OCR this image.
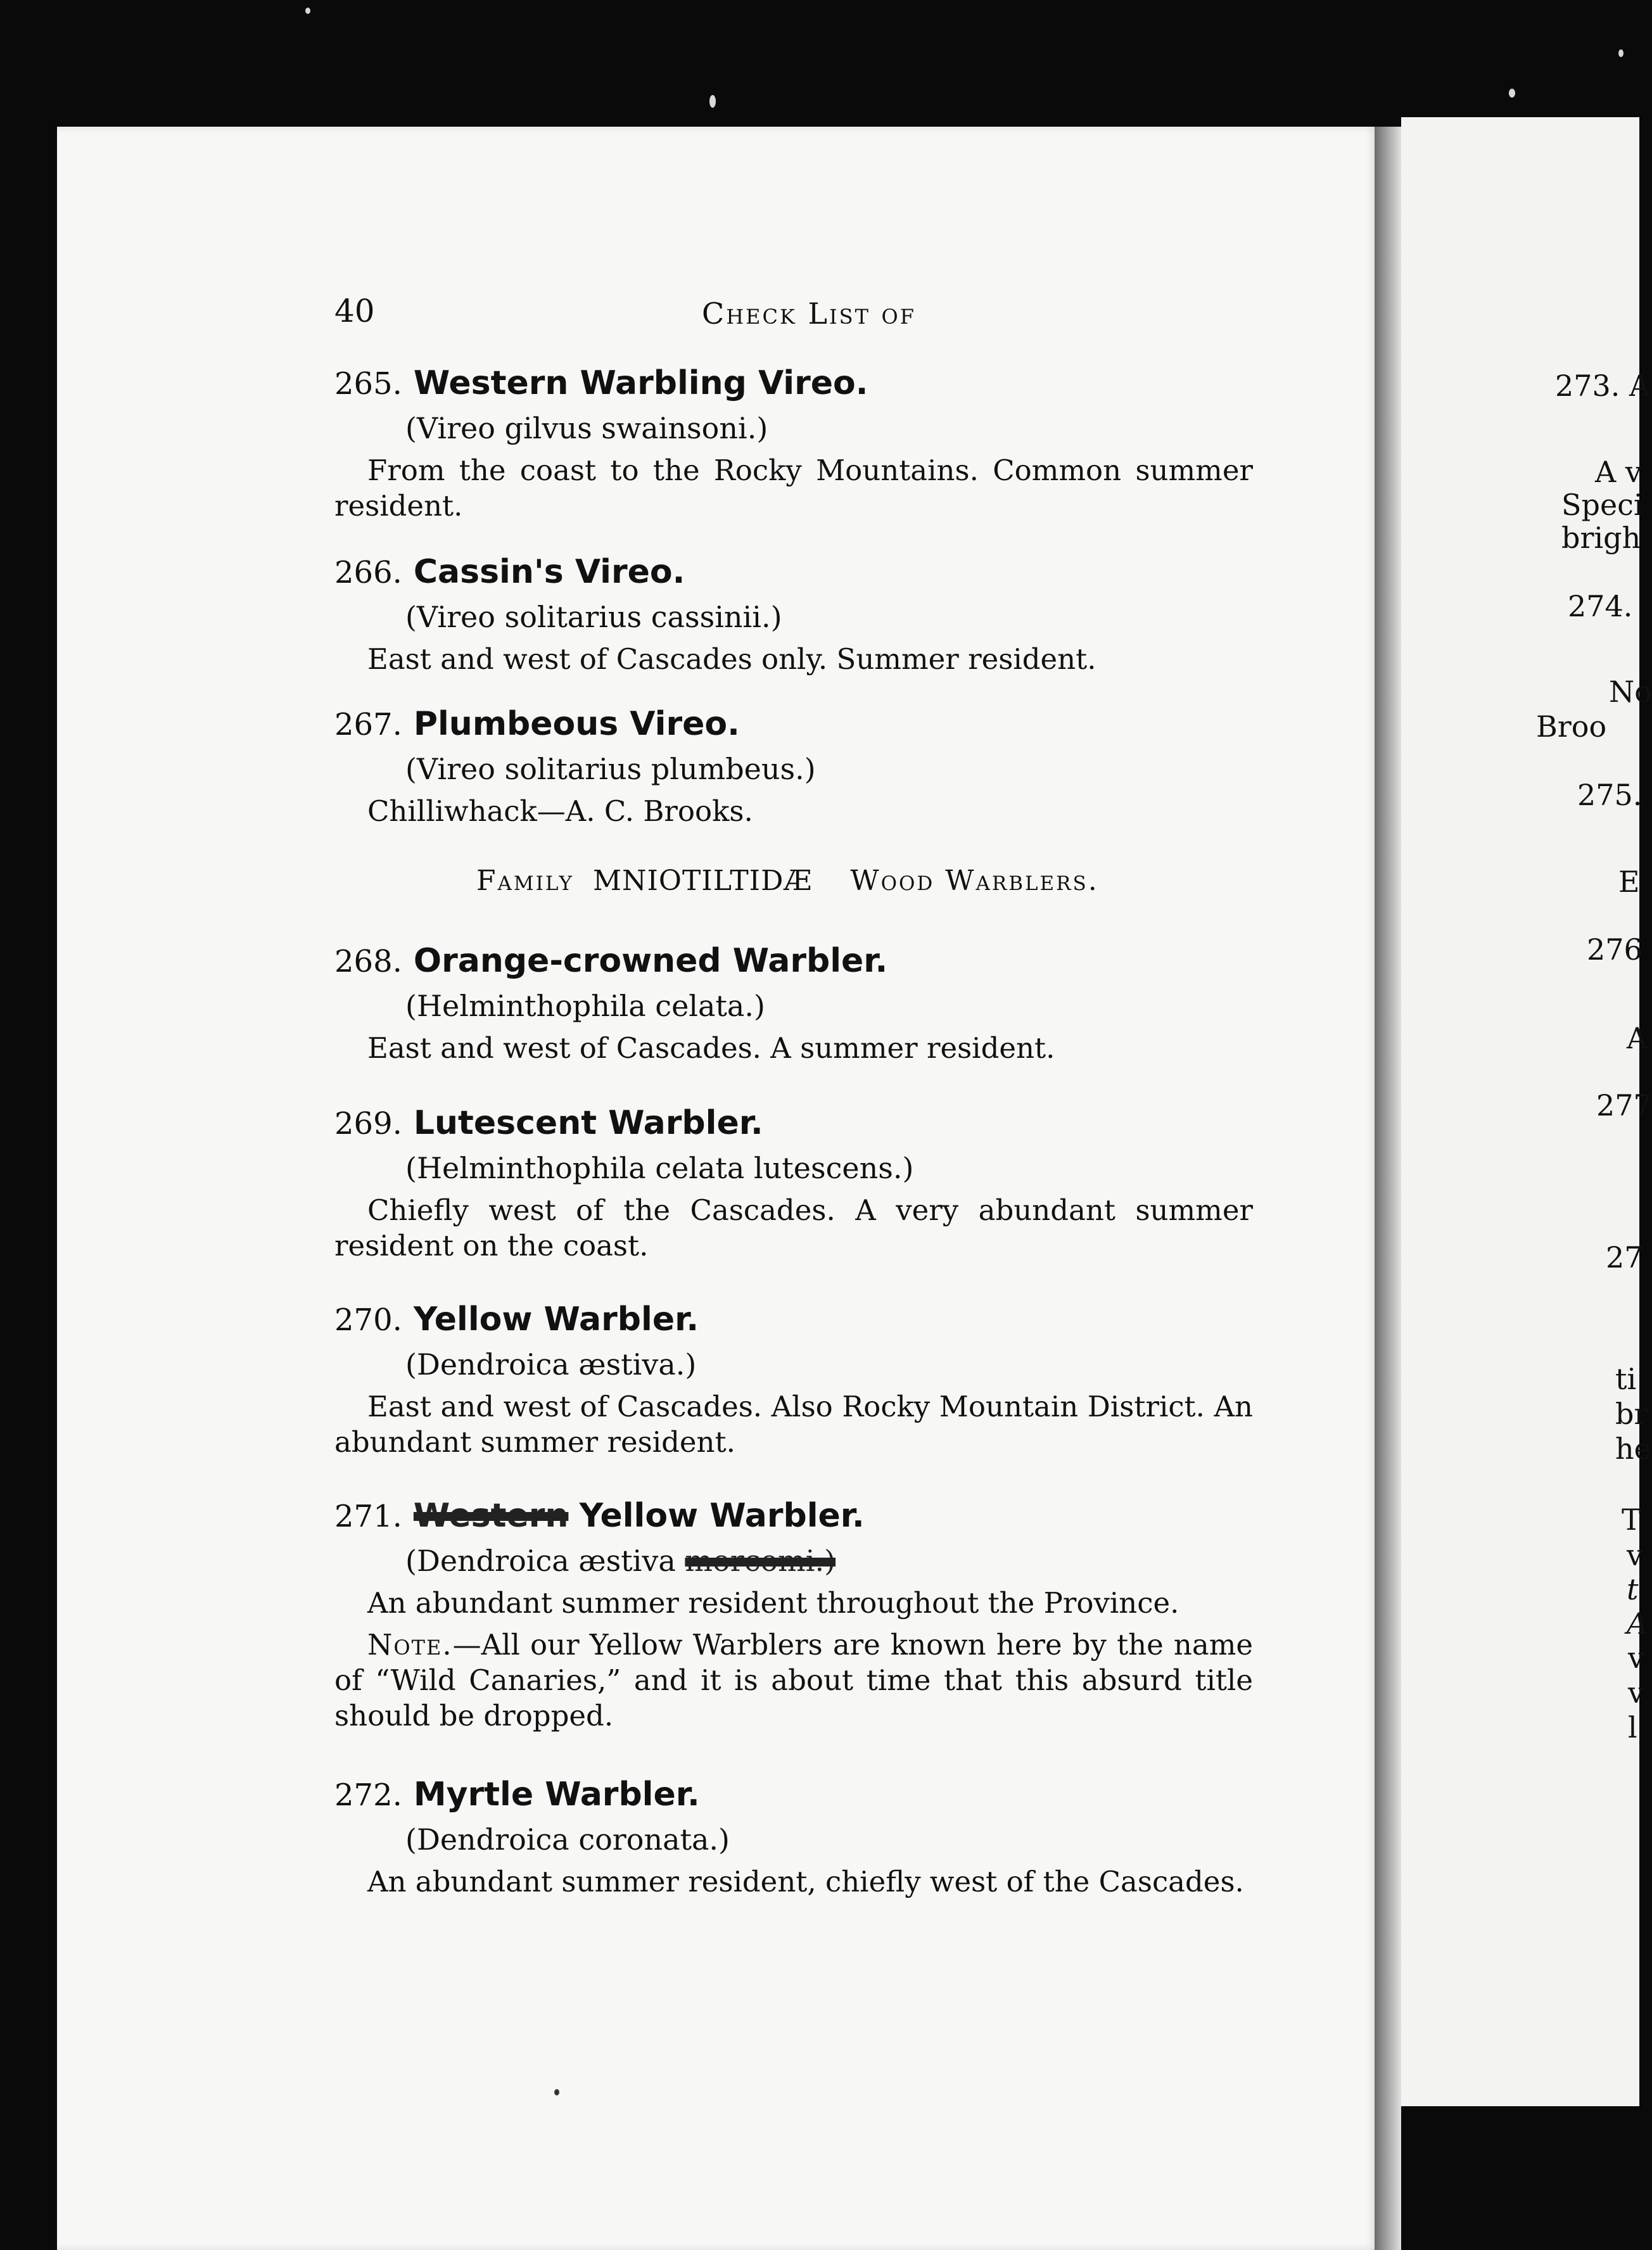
40	Check List of
265. Western Warbling Vireo.
(Vireo gilvus swainsoni.)
From the coast to the Rocky Mountains. Common summer resident.
266. Cassin's Vireo.
(Vireo solitarius cassinii.)
East and west of Cascades only. Summer resident.
267. Plumbeous Vireo.
(Vireo solitarius plumbeus.)
Chilliwhack—A. C. Brooks.
Family MNIOTILTIDÆ Wood Warblers.
268. Orange-crowned Warbler.
(Helminthophila celata.)
East and west of Cascades. A summer resident.
269. Lutescent Warbler.
(Helminthophila celata lutescens.)
Chiefly west of the Cascades. A very abundant summer resident on the coast.
270. Yellow Warbler.
(Dendroica æstiva.)
East and west of Cascades. Also Rocky Mountain District. An abundant summer resident.
271. Western Yellow Warbler.
(Dendroica æstiva morcomi.)
An abundant summer resident throughout the Province.
Note.—All our Yellow Warblers are known here by the name of “Wild Canaries,” and it is about time that this absurd title should be dropped.
272. Myrtle Warbler.
(Dendroica coronata.)
An abundant summer resident, chiefly west of the Cascades.
273. A
A v
Speci
brigh
274.
No
Broo
275.
E
276
A
277
27
ti
br
he
T
v
t
A
v
v
l
